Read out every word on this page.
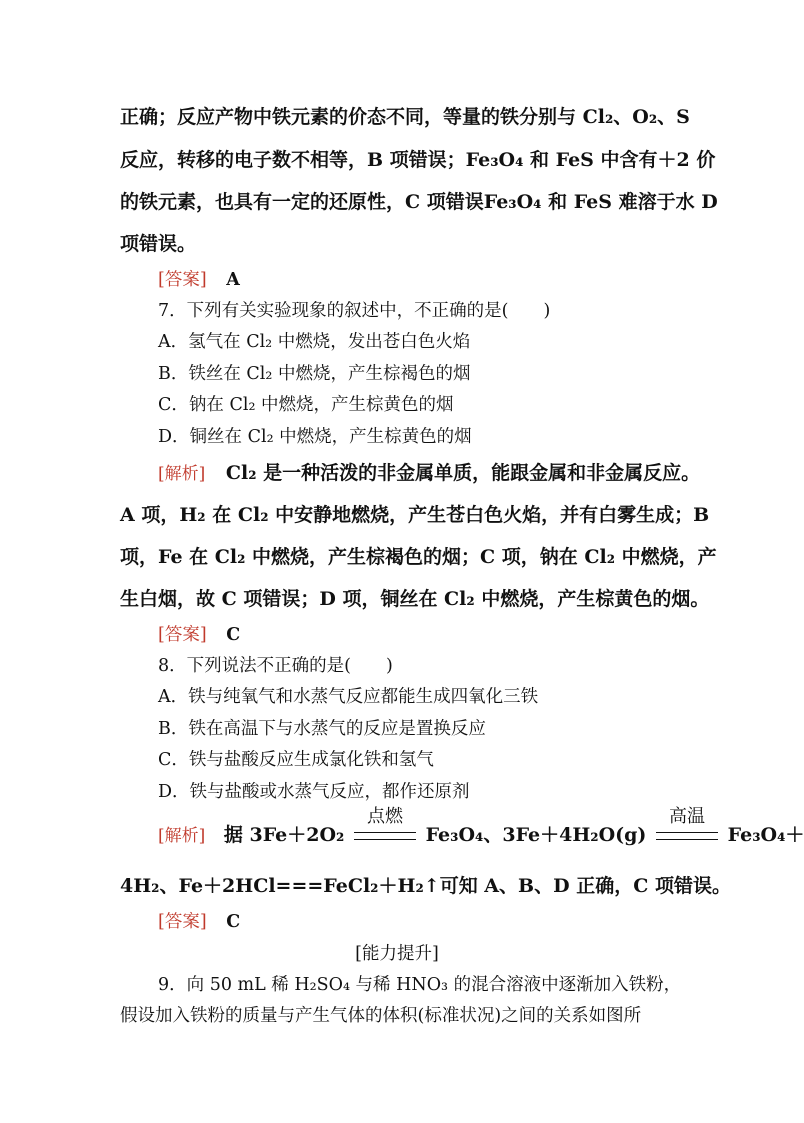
正确；反应产物中铁元素的价态不同，等量的铁分别与 Cl₂、O₂、S
反应，转移的电子数不相等，B 项错误；Fe₃O₄ 和 FeS 中含有＋2 价
的铁元素，也具有一定的还原性，C 项错误Fe₃O₄ 和 FeS 难溶于水 D
项错误。
[答案] A
7．下列有关实验现象的叙述中，不正确的是(　　)
A．氢气在 Cl₂ 中燃烧，发出苍白色火焰
B．铁丝在 Cl₂ 中燃烧，产生棕褐色的烟
C．钠在 Cl₂ 中燃烧，产生棕黄色的烟
D．铜丝在 Cl₂ 中燃烧，产生棕黄色的烟
[解析] Cl₂ 是一种活泼的非金属单质，能跟金属和非金属反应。
A 项，H₂ 在 Cl₂ 中安静地燃烧，产生苍白色火焰，并有白雾生成；B
项，Fe 在 Cl₂ 中燃烧，产生棕褐色的烟；C 项，钠在 Cl₂ 中燃烧，产
生白烟，故 C 项错误；D 项，铜丝在 Cl₂ 中燃烧，产生棕黄色的烟。
[答案] C
8．下列说法不正确的是(　　)
A．铁与纯氧气和水蒸气反应都能生成四氧化三铁
B．铁在高温下与水蒸气的反应是置换反应
C．铁与盐酸反应生成氯化铁和氢气
D．铁与盐酸或水蒸气反应，都作还原剂
[解析] 据 3Fe＋2O₂
点燃
Fe₃O₄、3Fe＋4H₂O(g)
高温
Fe₃O₄＋
4H₂、Fe＋2HCl===FeCl₂＋H₂↑可知 A、B、D 正确，C 项错误。
[答案] C
[能力提升]
9．向 50 mL 稀 H₂SO₄ 与稀 HNO₃ 的混合溶液中逐渐加入铁粉，
假设加入铁粉的质量与产生气体的体积(标准状况)之间的关系如图所
